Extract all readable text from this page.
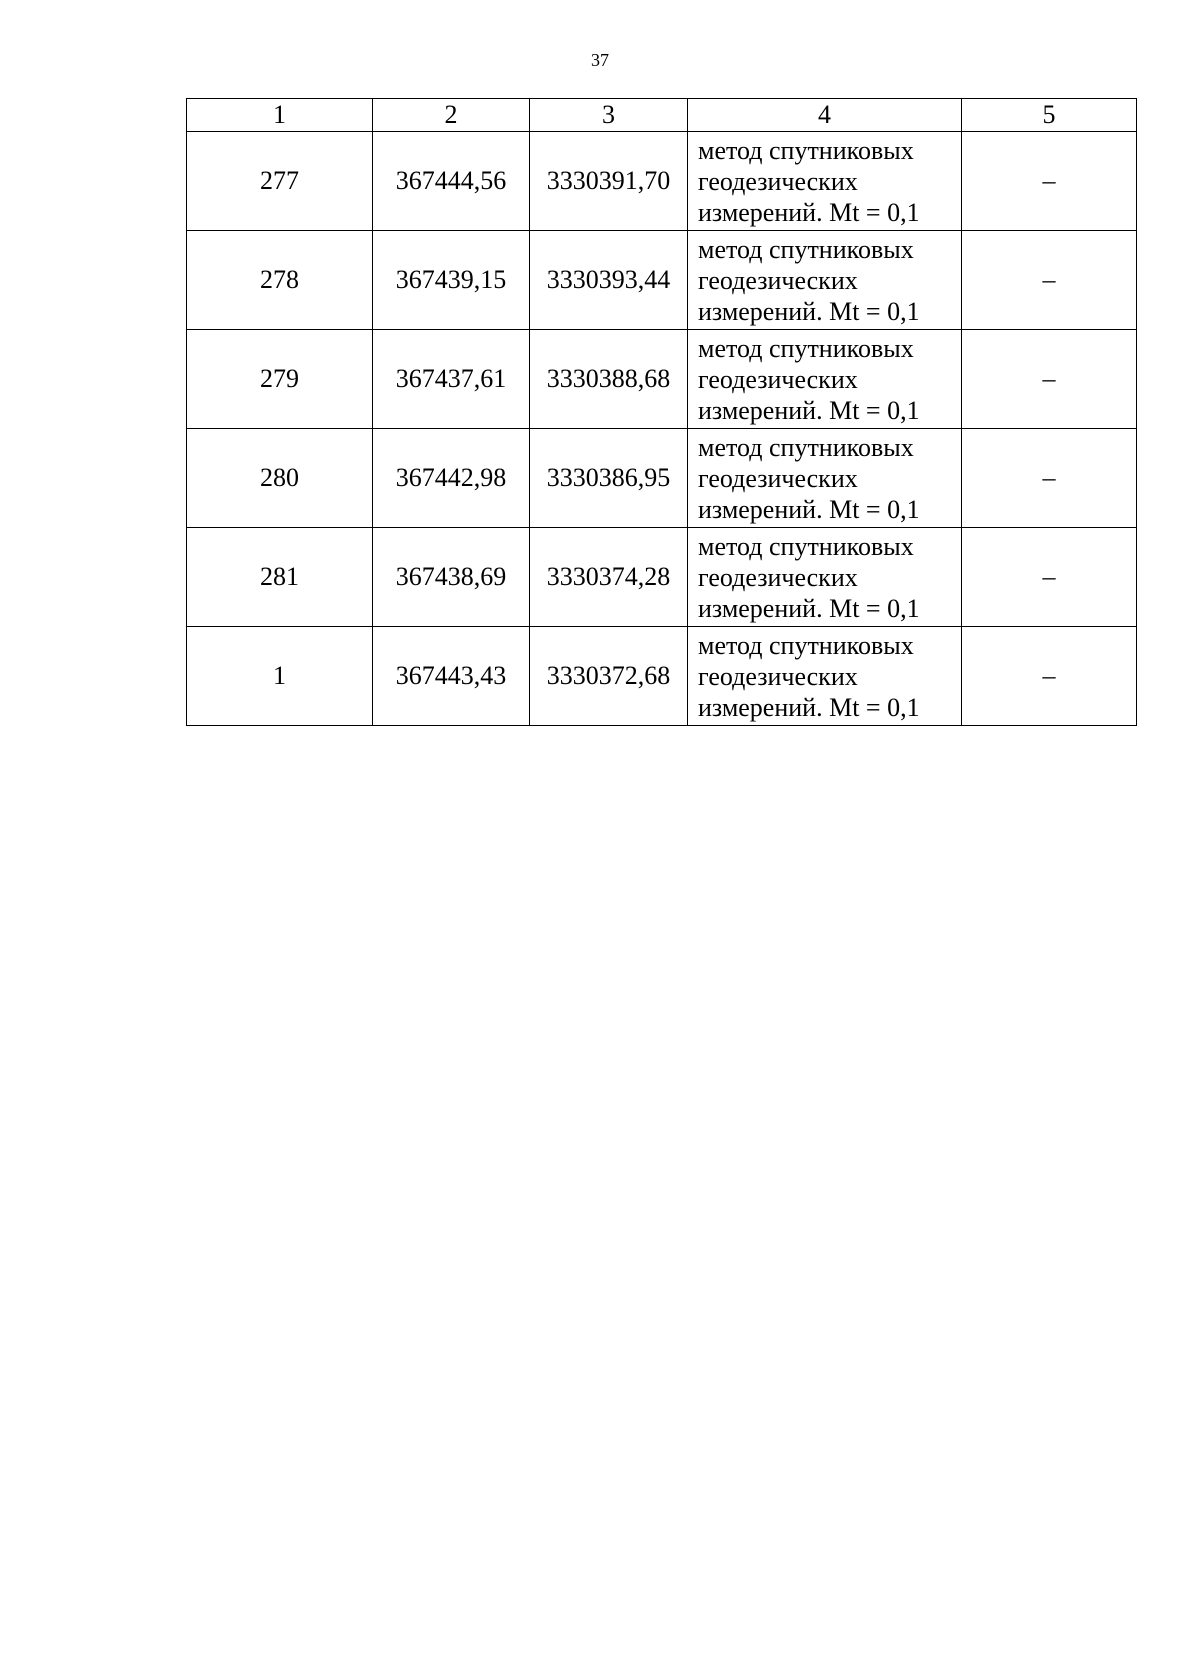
37
1	2	3	4	5
277	367444,56	3330391,70	метод спутниковых
геодезических
измерений. Mt = 0,1	–
278	367439,15	3330393,44	метод спутниковых
геодезических
измерений. Mt = 0,1	–
279	367437,61	3330388,68	метод спутниковых
геодезических
измерений. Mt = 0,1	–
280	367442,98	3330386,95	метод спутниковых
геодезических
измерений. Mt = 0,1	–
281	367438,69	3330374,28	метод спутниковых
геодезических
измерений. Mt = 0,1	–
1	367443,43	3330372,68	метод спутниковых
геодезических
измерений. Mt = 0,1	–
